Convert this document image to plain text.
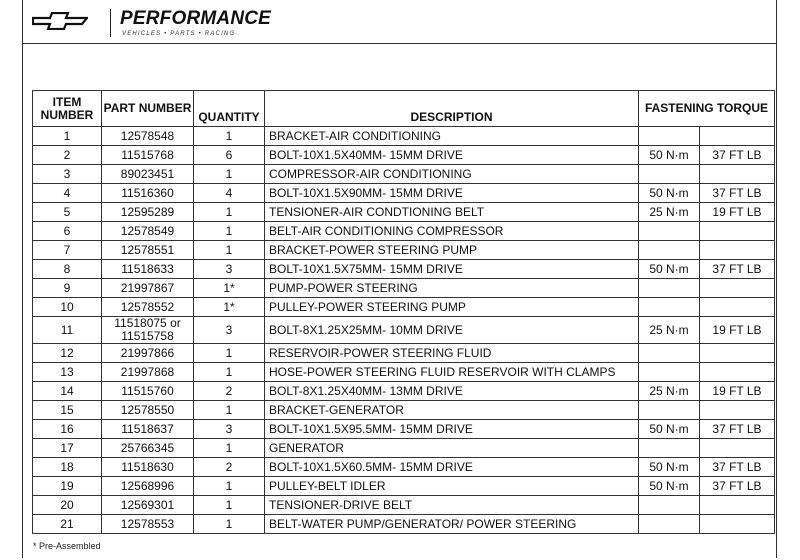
PERFORMANCE
VEHICLES • PARTS • RACING
ITEM NUMBER	PART NUMBER	QUANTITY	DESCRIPTION	FASTENING TORQUE	
1	12578548	1	BRACKET-AIR CONDITIONING		
2	11515768	6	BOLT-10X1.5X40MM- 15MM DRIVE	50 N·m	37 FT LB
3	89023451	1	COMPRESSOR-AIR CONDITIONING		
4	11516360	4	BOLT-10X1.5X90MM- 15MM DRIVE	50 N·m	37 FT LB
5	12595289	1	TENSIONER-AIR CONDTIONING BELT	25 N·m	19 FT LB
6	12578549	1	BELT-AIR CONDITIONING COMPRESSOR		
7	12578551	1	BRACKET-POWER STEERING PUMP		
8	11518633	3	BOLT-10X1.5X75MM- 15MM DRIVE	50 N·m	37 FT LB
9	21997867	1*	PUMP-POWER STEERING		
10	12578552	1*	PULLEY-POWER STEERING PUMP		
11	11518075 or 11515758	3	BOLT-8X1.25X25MM- 10MM DRIVE	25 N·m	19 FT LB
12	21997866	1	RESERVOIR-POWER STEERING FLUID		
13	21997868	1	HOSE-POWER STEERING FLUID RESERVOIR WITH CLAMPS		
14	11515760	2	BOLT-8X1.25X40MM- 13MM DRIVE	25 N·m	19 FT LB
15	12578550	1	BRACKET-GENERATOR		
16	11518637	3	BOLT-10X1.5X95.5MM- 15MM DRIVE	50 N·m	37 FT LB
17	25766345	1	GENERATOR		
18	11518630	2	BOLT-10X1.5X60.5MM- 15MM DRIVE	50 N·m	37 FT LB
19	12568996	1	PULLEY-BELT IDLER	50 N·m	37 FT LB
20	12569301	1	TENSIONER-DRIVE BELT		
21	12578553	1	BELT-WATER PUMP/GENERATOR/ POWER STEERING		
* Pre-Assembled
